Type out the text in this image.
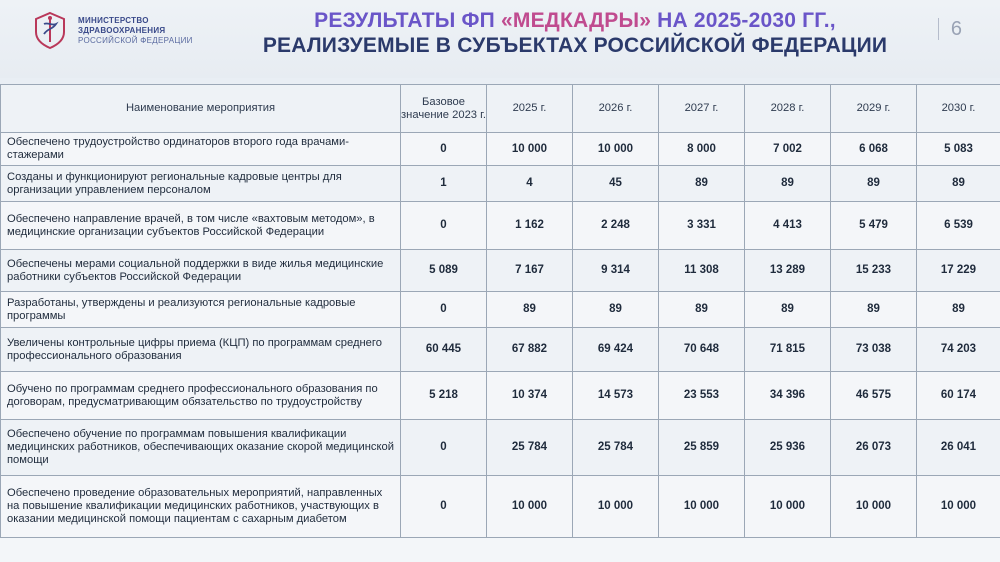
МИНИСТЕРСТВО
ЗДРАВООХРАНЕНИЯ
РОССИЙСКОЙ ФЕДЕРАЦИИ
РЕЗУЛЬТАТЫ ФП «МЕДКАДРЫ» НА 2025-2030 ГГ.,
РЕАЛИЗУЕМЫЕ В СУБЪЕКТАХ РОССИЙСКОЙ ФЕДЕРАЦИИ
6
Наименование мероприятия	Базовое значение 2023 г.	2025 г.	2026 г.	2027 г.	2028 г.	2029 г.	2030 г.
Обеспечено трудоустройство ординаторов второго года врачами-стажерами	0	10 000	10 000	8 000	7 002	6 068	5 083
Созданы и функционируют региональные кадровые центры для организации управлением персоналом	1	4	45	89	89	89	89
Обеспечено направление врачей, в том числе «вахтовым методом», в медицинские организации субъектов Российской Федерации	0	1 162	2 248	3 331	4 413	5 479	6 539
Обеспечены мерами социальной поддержки в виде жилья медицинские работники субъектов Российской Федерации	5 089	7 167	9 314	11 308	13 289	15 233	17 229
Разработаны, утверждены и реализуются региональные кадровые программы	0	89	89	89	89	89	89
Увеличены контрольные цифры приема (КЦП) по программам среднего профессионального образования	60 445	67 882	69 424	70 648	71 815	73 038	74 203
Обучено по программам среднего профессионального образования по договорам, предусматривающим обязательство по трудоустройству	5 218	10 374	14 573	23 553	34 396	46 575	60 174
Обеспечено обучение по программам повышения квалификации медицинских работников, обеспечивающих оказание скорой медицинской помощи	0	25 784	25 784	25 859	25 936	26 073	26 041
Обеспечено проведение образовательных мероприятий, направленных на повышение квалификации медицинских работников, участвующих в оказании медицинской помощи пациентам с сахарным диабетом	0	10 000	10 000	10 000	10 000	10 000	10 000
